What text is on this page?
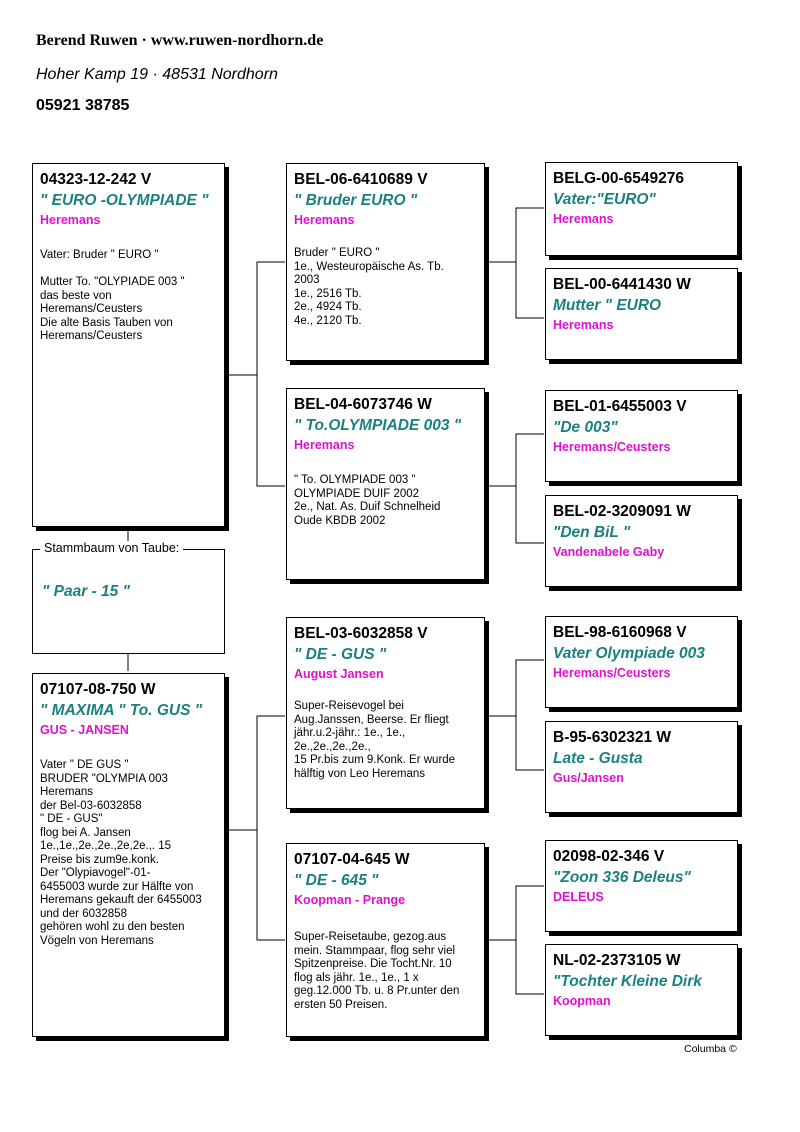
Berend Ruwen · www.ruwen-nordhorn.de
Hoher Kamp 19 · 48531 Nordhorn
05921 38785
Stammbaum von Taube:
" Paar - 15 "
04323-12-242 V
" EURO -OLYMPIADE "
Heremans
Vater: Bruder " EURO "

Mutter To. "OLYPIADE 003 "
das beste von
Heremans/Ceusters
Die alte Basis Tauben von
Heremans/Ceusters
07107-08-750 W
" MAXIMA " To. GUS "
GUS - JANSEN
Vater " DE GUS "
BRUDER "OLYMPIA 003
Heremans
der Bel-03-6032858
" DE - GUS"
flog bei A. Jansen
1e.,1e.,2e.,2e.,2e,2e.,. 15
Preise bis zum9e.konk.
Der "Olypiavogel"-01-
6455003 wurde zur Hälfte von
Heremans gekauft der 6455003
und der 6032858
gehören wohl zu den besten
Vögeln von Heremans
BEL-06-6410689 V
" Bruder EURO "
Heremans
Bruder " EURO "
1e., Westeuropäische As. Tb.
2003
1e., 2516 Tb.
2e., 4924 Tb.
4e., 2120 Tb.
BEL-04-6073746 W
" To.OLYMPIADE 003 "
Heremans
" To. OLYMPIADE 003 "
OLYMPIADE DUIF 2002
2e., Nat. As. Duif Schnelheid
Oude KBDB 2002
BEL-03-6032858 V
" DE - GUS "
August Jansen
Super-Reisevogel bei
Aug.Janssen, Beerse. Er fliegt
jähr.u.2-jähr.: 1e., 1e.,
2e.,2e.,2e.,2e.,
15 Pr.bis zum 9.Konk. Er wurde
hälftig von Leo Heremans
07107-04-645 W
" DE - 645 "
Koopman - Prange
Super-Reisetaube, gezog.aus
mein. Stammpaar, flog sehr viel
Spitzenpreise. Die Tocht.Nr. 10
flog als jähr. 1e., 1e., 1 x
geg.12.000 Tb. u. 8 Pr.unter den
ersten 50 Preisen.
BELG-00-6549276
Vater:"EURO"
Heremans
BEL-00-6441430 W
Mutter " EURO
Heremans
BEL-01-6455003 V
"De 003"
Heremans/Ceusters
BEL-02-3209091 W
"Den BiL "
Vandenabele Gaby
BEL-98-6160968 V
Vater Olympiade 003
Heremans/Ceusters
B-95-6302321 W
Late - Gusta
Gus/Jansen
02098-02-346 V
"Zoon 336 Deleus"
DELEUS
NL-02-2373105 W
"Tochter Kleine Dirk
Koopman
Columba ©
